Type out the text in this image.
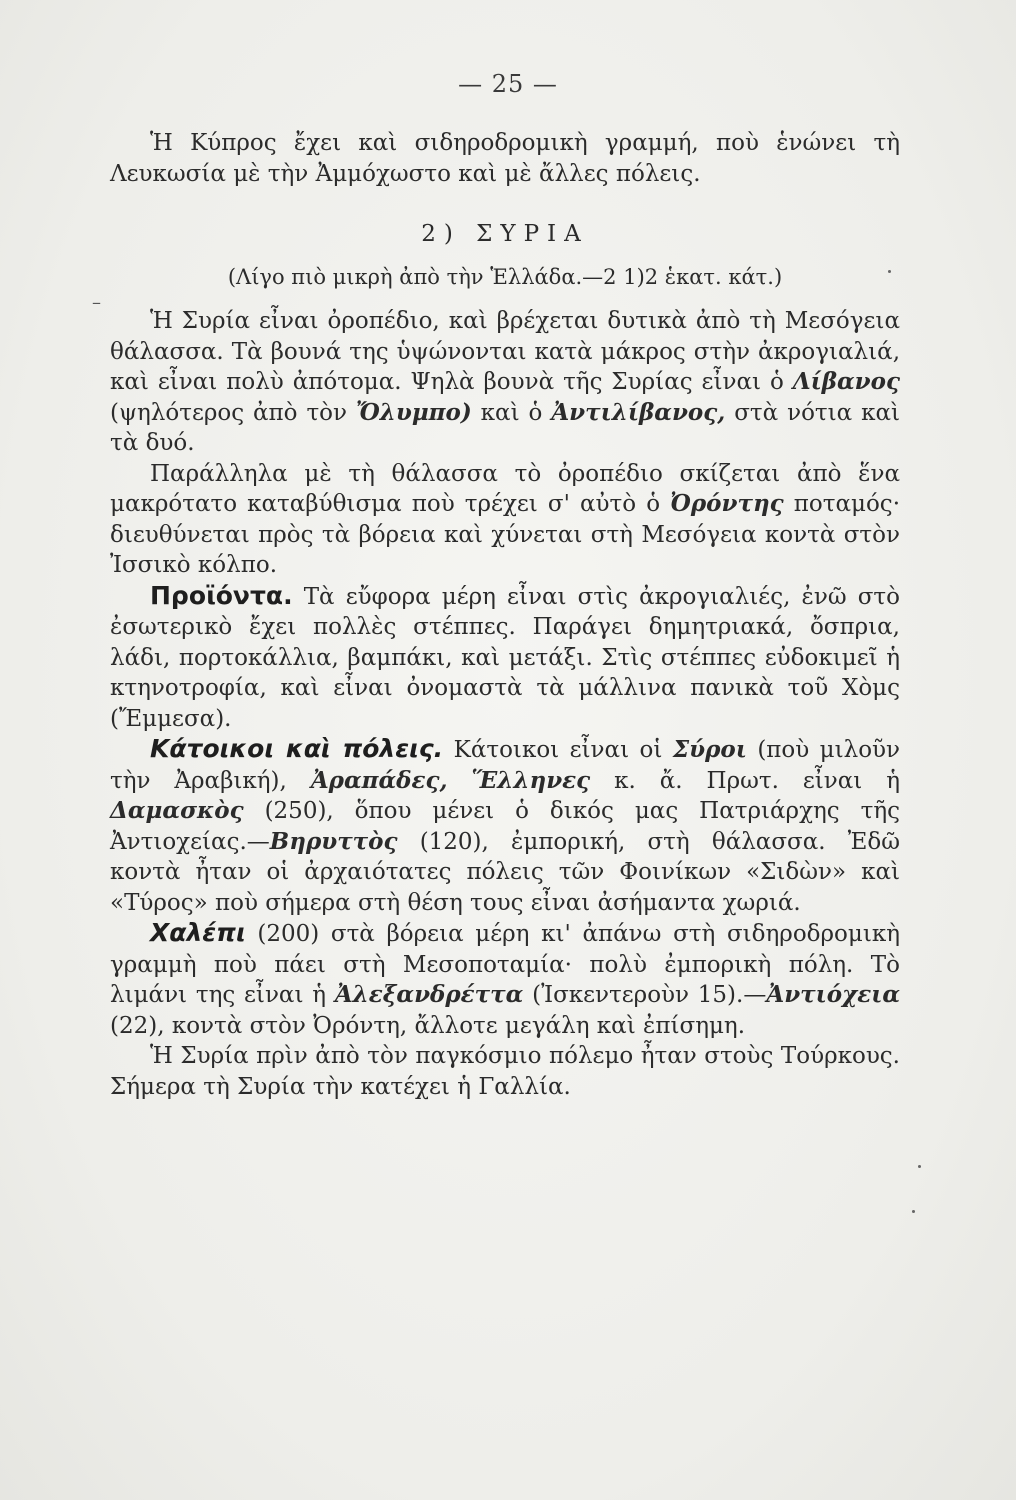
— 25 —
–

Ἡ Κύπρος ἔχει καὶ σιδηροδρομικὴ γραμμή, ποὺ ἑνώνει τὴ Λευκωσία μὲ τὴν Ἀμμόχωστο καὶ μὲ ἄλλες πόλεις.

2) ΣΥΡΙΑ

(Λίγο πιὸ μικρὴ ἀπὸ τὴν Ἑλλάδα.—2 1)2 ἑκατ. κάτ.)

Ἡ Συρία εἶναι ὀροπέδιο, καὶ βρέχεται δυτικὰ ἀπὸ τὴ Μεσόγεια θάλασσα. Τὰ βουνά της ὑψώνονται κατὰ μάκρος στὴν ἀκρογιαλιά, καὶ εἶναι πολὺ ἀπότομα. Ψηλὰ βουνὰ τῆς Συρίας εἶναι ὁ Λίβανος (ψηλότερος ἀπὸ τὸν Ὄλυμπο) καὶ ὁ Ἀντιλίβανος, στὰ νότια καὶ τὰ δυό.

Παράλληλα μὲ τὴ θάλασσα τὸ ὀροπέδιο σκίζεται ἀπὸ ἕνα μακρότατο καταβύθισμα ποὺ τρέχει σ' αὐτὸ ὁ Ὀρόντης ποταμός· διευθύνεται πρὸς τὰ βόρεια καὶ χύνεται στὴ Μεσόγεια κοντὰ στὸν Ἰσσικὸ κόλπο.

Προϊόντα. Τὰ εὔφορα μέρη εἶναι στὶς ἀκρογιαλιές, ἐνῶ στὸ ἐσωτερικὸ ἔχει πολλὲς στέππες. Παράγει δημητριακά, ὄσπρια, λάδι, πορτοκάλλια, βαμπάκι, καὶ μετάξι. Στὶς στέππες εὐδοκιμεῖ ἡ κτηνοτροφία, καὶ εἶναι ὀνομαστὰ τὰ μάλλινα πανικὰ τοῦ Χὸμς (Ἔμμεσα).

Κάτοικοι καὶ πόλεις. Κάτοικοι εἶναι οἱ Σύροι (ποὺ μιλοῦν τὴν Ἀραβική), Ἀραπάδες, Ἕλληνες κ. ἄ. Πρωτ. εἶναι ἡ Δαμασκὸς (250), ὅπου μένει ὁ δικός μας Πατριάρχης τῆς Ἀντιοχείας.—Βηρυττὸς (120), ἐμπορική, στὴ θάλασσα. Ἐδῶ κοντὰ ἦταν οἱ ἀρχαιότατες πόλεις τῶν Φοινίκων «Σιδὼν» καὶ «Τύρος» ποὺ σήμερα στὴ θέση τους εἶναι ἀσήμαντα χωριά.

Χαλέπι (200) στὰ βόρεια μέρη κι' ἀπάνω στὴ σιδηροδρομικὴ γραμμὴ ποὺ πάει στὴ Μεσοποταμία· πολὺ ἐμπορικὴ πόλη. Τὸ λιμάνι της εἶναι ἡ Ἀλεξανδρέττα (Ἰσκεντεροὺν 15).—Ἀντιόχεια (22), κοντὰ στὸν Ὀρόντη, ἄλλοτε μεγάλη καὶ ἐπίσημη.

Ἡ Συρία πρὶν ἀπὸ τὸν παγκόσμιο πόλεμο ἦταν στοὺς Τούρκους. Σήμερα τὴ Συρία τὴν κατέχει ἡ Γαλλία.
